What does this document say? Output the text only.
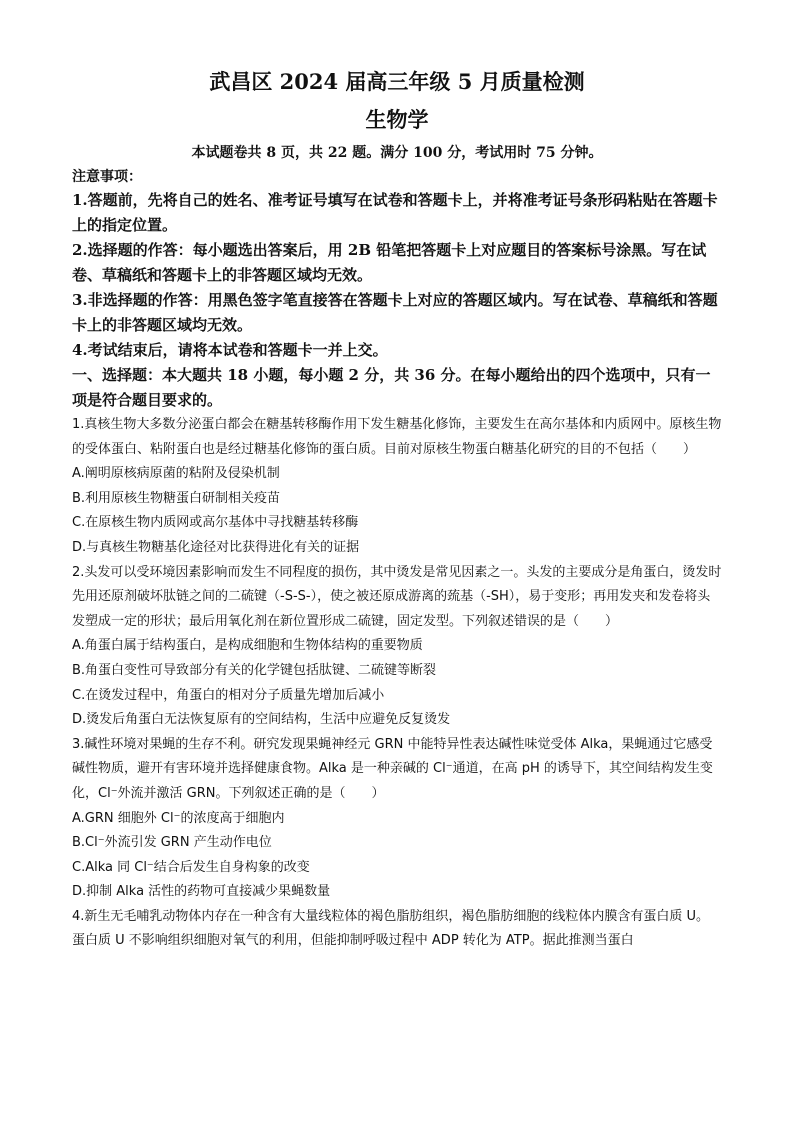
武昌区 2024 届高三年级 5 月质量检测
生物学
本试题卷共 8 页，共 22 题。满分 100 分，考试用时 75 分钟。
注意事项：
1.答题前，先将自己的姓名、准考证号填写在试卷和答题卡上，并将准考证号条形码粘贴在答题卡上的指定位置。
2.选择题的作答：每小题选出答案后，用 2B 铅笔把答题卡上对应题目的答案标号涂黑。写在试卷、草稿纸和答题卡上的非答题区域均无效。
3.非选择题的作答：用黑色签字笔直接答在答题卡上对应的答题区域内。写在试卷、草稿纸和答题卡上的非答题区域均无效。
4.考试结束后，请将本试卷和答题卡一并上交。
一、选择题：本大题共 18 小题，每小题 2 分，共 36 分。在每小题给出的四个选项中，只有一项是符合题目要求的。
1.真核生物大多数分泌蛋白都会在糖基转移酶作用下发生糖基化修饰，主要发生在高尔基体和内质网中。原核生物的受体蛋白、粘附蛋白也是经过糖基化修饰的蛋白质。目前对原核生物蛋白糖基化研究的目的不包括（　　）
A.阐明原核病原菌的粘附及侵染机制
B.利用原核生物糖蛋白研制相关疫苗
C.在原核生物内质网或高尔基体中寻找糖基转移酶
D.与真核生物糖基化途径对比获得进化有关的证据
2.头发可以受环境因素影响而发生不同程度的损伤，其中烫发是常见因素之一。头发的主要成分是角蛋白，烫发时先用还原剂破坏肽链之间的二硫键（-S-S-），使之被还原成游离的巯基（-SH），易于变形；再用发夹和发卷将头发塑成一定的形状；最后用氧化剂在新位置形成二硫键，固定发型。下列叙述错误的是（　　）
A.角蛋白属于结构蛋白，是构成细胞和生物体结构的重要物质
B.角蛋白变性可导致部分有关的化学键包括肽键、二硫键等断裂
C.在烫发过程中，角蛋白的相对分子质量先增加后减小
D.烫发后角蛋白无法恢复原有的空间结构，生活中应避免反复烫发
3.碱性环境对果蝇的生存不利。研究发现果蝇神经元 GRN 中能特异性表达碱性味觉受体 Alka，果蝇通过它感受碱性物质，避开有害环境并选择健康食物。Alka 是一种亲碱的 Cl⁻通道，在高 pH 的诱导下，其空间结构发生变化，Cl⁻外流并激活 GRN。下列叙述正确的是（　　）
A.GRN 细胞外 Cl⁻的浓度高于细胞内
B.Cl⁻外流引发 GRN 产生动作电位
C.Alka 同 Cl⁻结合后发生自身构象的改变
D.抑制 Alka 活性的药物可直接减少果蝇数量
4.新生无毛哺乳动物体内存在一种含有大量线粒体的褐色脂肪组织，褐色脂肪细胞的线粒体内膜含有蛋白质 U。蛋白质 U 不影响组织细胞对氧气的利用，但能抑制呼吸过程中 ADP 转化为 ATP。据此推测当蛋白
